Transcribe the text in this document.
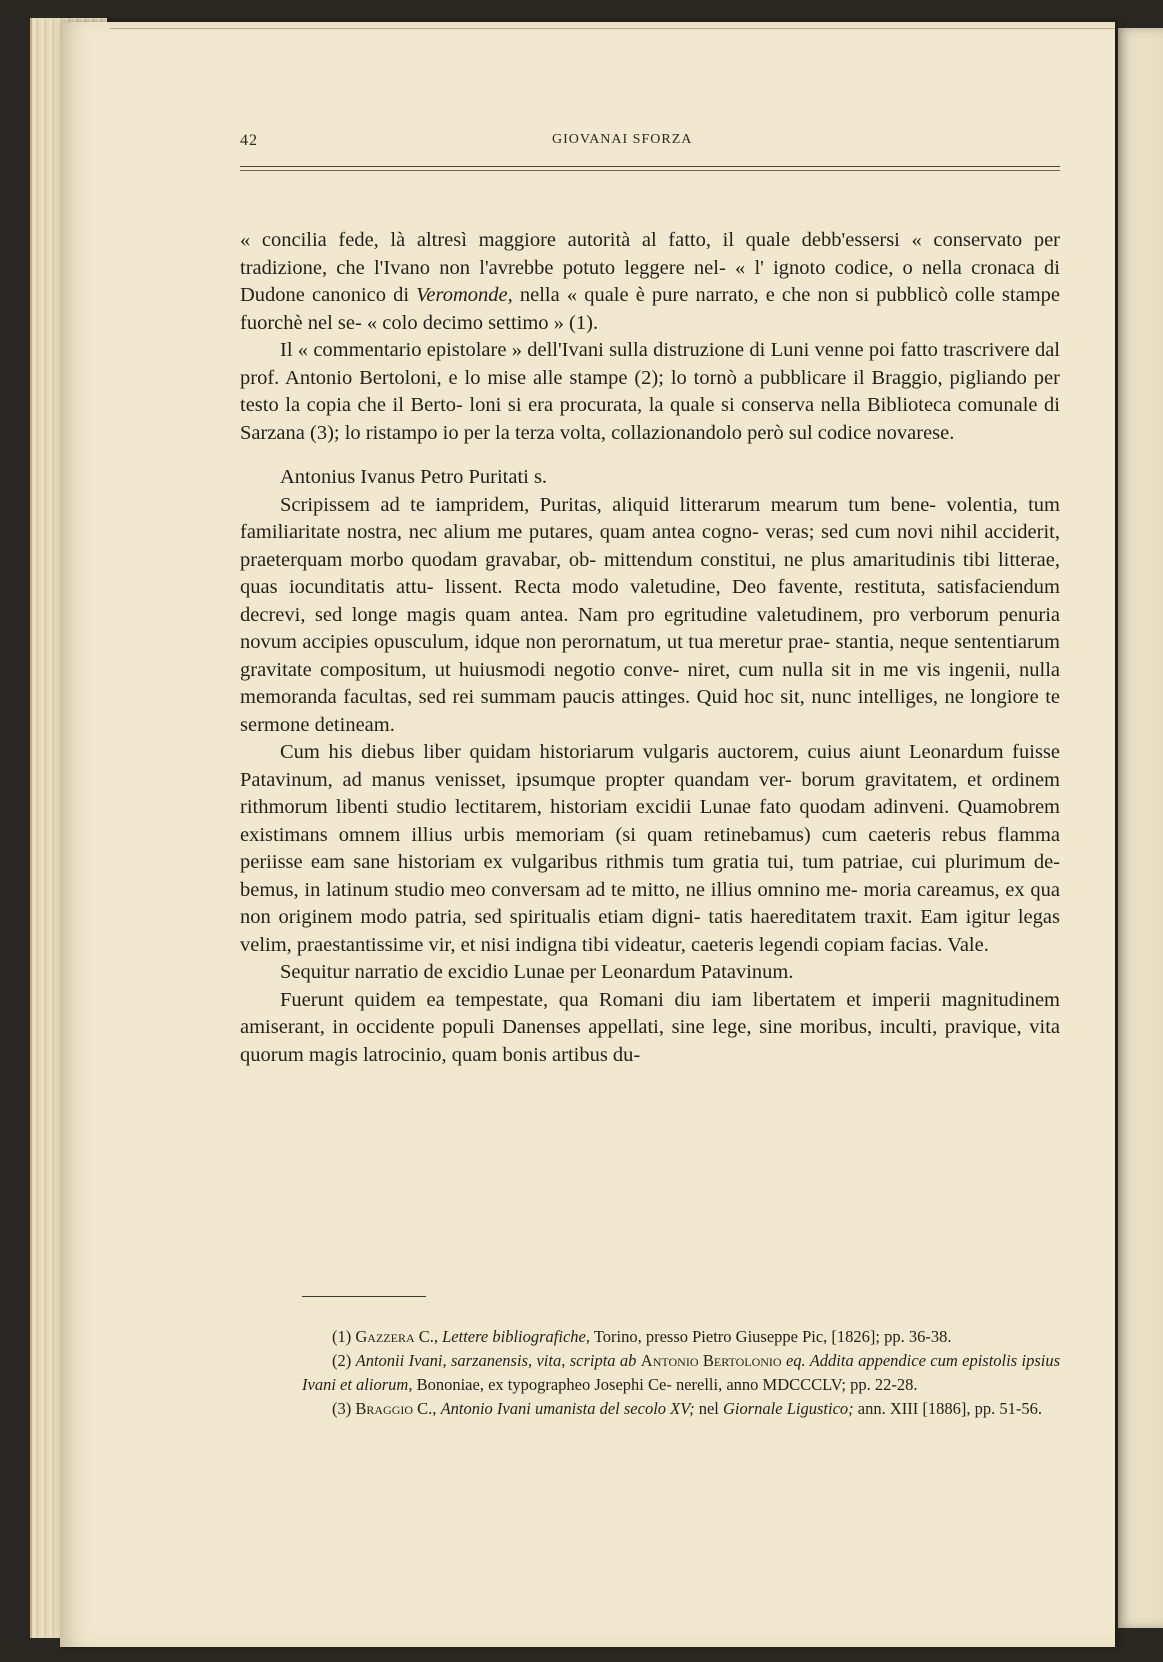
42	GIOVANAI SFORZA

« concilia fede, là altresì maggiore autorità al fatto, il quale debb'essersi « conservato per tradizione, che l'Ivano non l'avrebbe potuto leggere nel- « l' ignoto codice, o nella cronaca di Dudone canonico di Veromonde, nella « quale è pure narrato, e che non si pubblicò colle stampe fuorchè nel se- « colo decimo settimo » (1).

Il « commentario epistolare » dell'Ivani sulla distruzione di Luni venne poi fatto trascrivere dal prof. Antonio Bertoloni, e lo mise alle stampe (2); lo tornò a pubblicare il Braggio, pigliando per testo la copia che il Berto- loni si era procurata, la quale si conserva nella Biblioteca comunale di Sarzana (3); lo ristampo io per la terza volta, collazionandolo però sul codice novarese.

Antonius Ivanus Petro Puritati s.

Scripissem ad te iampridem, Puritas, aliquid litterarum mearum tum bene- volentia, tum familiaritate nostra, nec alium me putares, quam antea cogno- veras; sed cum novi nihil acciderit, praeterquam morbo quodam gravabar, ob- mittendum constitui, ne plus amaritudinis tibi litterae, quas iocunditatis attu- lissent. Recta modo valetudine, Deo favente, restituta, satisfaciendum decrevi, sed longe magis quam antea. Nam pro egritudine valetudinem, pro verborum penuria novum accipies opusculum, idque non perornatum, ut tua meretur prae- stantia, neque sententiarum gravitate compositum, ut huiusmodi negotio conve- niret, cum nulla sit in me vis ingenii, nulla memoranda facultas, sed rei summam paucis attinges. Quid hoc sit, nunc intelliges, ne longiore te sermone detineam.

Cum his diebus liber quidam historiarum vulgaris auctorem, cuius aiunt Leonardum fuisse Patavinum, ad manus venisset, ipsumque propter quandam ver- borum gravitatem, et ordinem rithmorum libenti studio lectitarem, historiam excidii Lunae fato quodam adinveni. Quamobrem existimans omnem illius urbis memoriam (si quam retinebamus) cum caeteris rebus flamma periisse eam sane historiam ex vulgaribus rithmis tum gratia tui, tum patriae, cui plurimum de- bemus, in latinum studio meo conversam ad te mitto, ne illius omnino me- moria careamus, ex qua non originem modo patria, sed spiritualis etiam digni- tatis haereditatem traxit. Eam igitur legas velim, praestantissime vir, et nisi indigna tibi videatur, caeteris legendi copiam facias. Vale.

Sequitur narratio de excidio Lunae per Leonardum Patavinum.

Fuerunt quidem ea tempestate, qua Romani diu iam libertatem et imperii magnitudinem amiserant, in occidente populi Danenses appellati, sine lege, sine moribus, inculti, pravique, vita quorum magis latrocinio, quam bonis artibus du-

(1) Gazzera C., Lettere bibliografiche, Torino, presso Pietro Giuseppe Pic, [1826]; pp. 36-38.

(2) Antonii Ivani, sarzanensis, vita, scripta ab Antonio Bertolonio eq. Addita appendice cum epistolis ipsius Ivani et aliorum, Bononiae, ex typographeo Josephi Ce- nerelli, anno MDCCCLV; pp. 22-28.

(3) Braggio C., Antonio Ivani umanista del secolo XV; nel Giornale Ligustico; ann. XIII [1886], pp. 51-56.
